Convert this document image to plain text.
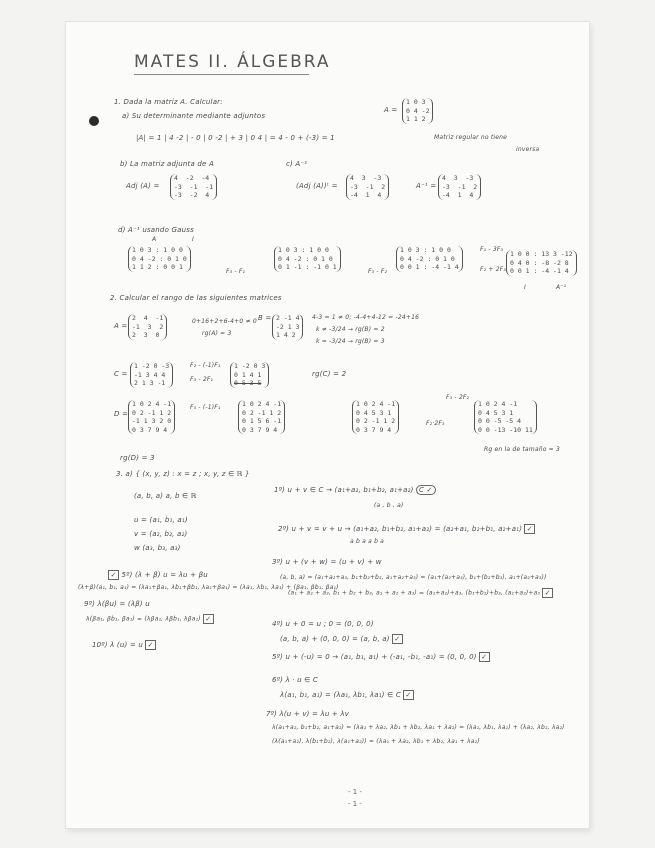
MATES II. ÁLGEBRA
1. Dada la matriz A. Calcular:
A =
1 0 3
0 4 -2
1 1 2
a) Su determinante mediante adjuntos
|A| = 1 | 4 -2 | - 0 | 0 -2 | + 3 | 0 4 | = 4 - 0 + (-3) = 1	Matriz regular no tiene
inversa
b) La matriz adjunta de A	c) A⁻¹
Adj (A) =
4  -2  -4
-3  -1  -1
-3  -2  4
(Adj (A))ᵗ =
4  3  -3
-3  -1  2
-4  1  4
A⁻¹ =
4  3  -3
-3  -1  2
-4  1  4
d) A⁻¹ usando Gauss
A	I
1 0 3 : 1 0 0
0 4 -2 : 0 1 0
1 1 2 : 0 0 1
F₃ - F₁
1 0 3 : 1 0 0
0 4 -2 : 0 1 0
0 1 -1 : -1 0 1
F₃ - F₂
1 0 3 : 1 0 0
0 4 -2 : 0 1 0
0 0 1 : -4 -1 4
F₁ - 3F₃
F₂ + 2F₃
1 0 0 : 13 3 -12
0 4 0 : -8 -2 8
0 0 1 : -4 -1 4
I	A⁻¹
2. Calcular el rango de las siguientes matrices
A =
2  4  -1
-1  3  2
2  3  0
0+16+2+6-4+0 ≠ 0
rg(A) = 3
B = 2 -1 4
-2 1 3
1 4 2
4-3 = 1 ≠ 0; -4-4+4-12 = -24+16
k ≠ -3/24 → rg(B) = 2
k = -3/24 → rg(B) = 3
C =
1 -2 0 -3
-1 3 4 4
2 1 3 -1
F₂ - (-1)F₁
F₃ - 2F₁
1 -2 0 3
0 1 4 1
0 5 3 5
rg(C) = 2
D =
1 0 2 4 -1
0 2 -1 1 2
-1 1 3 2 0
0 3 7 9 4
F₃ - (-1)F₁	1 0 2 4 -1
0 2 -1 1 2
0 1 5 6 -1
0 3 7 9 4
1 0 2 4 -1
0 4 5 3 1
0 2 -1 1 2
0 3 7 9 4
F₃ - 2F₂
F₂·2F₃
1 0 2 4 -1
0 4 5 3 1
0 0 -5 -5 4
0 0 -13 -10 11
Rg en la de tamaño = 3
rg(D) = 3
3. a) { (x, y, z) : x = z ; x, y, z ∈ ℝ }
(a, b, a) a, b ∈ ℝ
1º) u + v ∈ C → (a₁+a₂, b₁+b₂, a₁+a₂) C ✓
(a , b , a)
u = (a₁, b₁, a₁)
v = (a₂, b₂, a₂)
w (a₃, b₃, a₃)
2º) u + v = v + u → (a₁+a₂, b₁+b₂, a₁+a₂) = (a₂+a₁, b₂+b₁, a₂+a₁) ✓
a b a a b a
3º) u + (v + w) = (u + v) + w
(a, b, a) = (a₁+a₂+a₃, b₁+b₂+b₃, a₁+a₂+a₃) = (a₁+(a₂+a₃), b₁+(b₂+b₃), a₁+(a₂+a₃))
(a₁ + a₂ + a₃, b₁ + b₂ + b₃, a₁ + a₂ + a₃) = (a₁+a₂)+a₃, (b₁+b₂)+b₃, (a₁+a₂)+a₃ ✓
✓ 5º) (λ + β) u = λu + βu
(λ+β)(a₁, b₁, a₁) = (λa₁+βa₁, λb₁+βb₁, λa₁+βa₁) = (λa₁, λb₁, λa₁) + (βa₁, βb₁, βa₁)
9º) λ(βu) = (λβ) u
λ(βa₁, βb₁, βa₁) = (λβa₁, λβb₁, λβa₁) ✓
10º) λ (u) = u ✓
4º) u + 0 = u ; 0 = (0, 0, 0)
(a, b, a) + (0, 0, 0) = (a, b, a) ✓
5º) u + (-u) = 0 → (a₁, b₁, a₁) + (-a₁, -b₁, -a₁) = (0, 0, 0) ✓
6º) λ · u ∈ C
λ(a₁, b₁, a₁) = (λa₁, λb₁, λa₁) ∈ C ✓
7º) λ(u + v) = λu + λv
λ(a₁+a₂, b₁+b₂, a₁+a₂) = (λa₁ + λa₂, λb₁ + λb₂, λa₁ + λa₂) = (λa₁, λb₁, λa₁) + (λa₂, λb₂, λa₂)
(λ(a₁+a₂), λ(b₁+b₂), λ(a₁+a₂)) = (λa₁ + λa₂, λb₁ + λb₂, λa₁ + λa₂)
- 1 -
- 1 -
